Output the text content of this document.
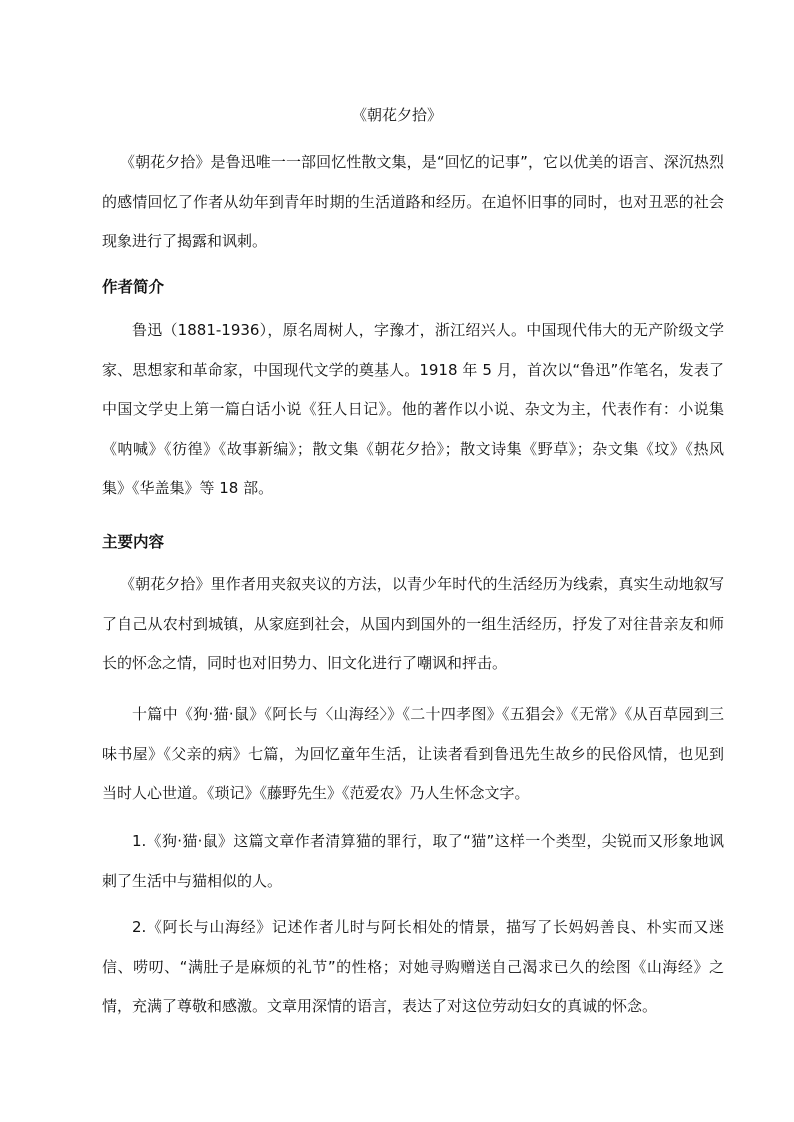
《朝花夕拾》

《朝花夕拾》是鲁迅唯一一部回忆性散文集，是“回忆的记事”，它以优美的语言、深沉热烈的感情回忆了作者从幼年到青年时期的生活道路和经历。在追怀旧事的同时，也对丑恶的社会现象进行了揭露和讽刺。

作者简介

鲁迅（1881-1936），原名周树人，字豫才，浙江绍兴人。中国现代伟大的无产阶级文学家、思想家和革命家，中国现代文学的奠基人。1918 年 5 月，首次以“鲁迅”作笔名，发表了中国文学史上第一篇白话小说《狂人日记》。他的著作以小说、杂文为主，代表作有：小说集《呐喊》《彷徨》《故事新编》；散文集《朝花夕拾》；散文诗集《野草》；杂文集《坟》《热风集》《华盖集》等 18 部。

主要内容

《朝花夕拾》里作者用夹叙夹议的方法，以青少年时代的生活经历为线索，真实生动地叙写了自己从农村到城镇，从家庭到社会，从国内到国外的一组生活经历，抒发了对往昔亲友和师长的怀念之情，同时也对旧势力、旧文化进行了嘲讽和抨击。

十篇中《狗·猫·鼠》《阿长与〈山海经〉》《二十四孝图》《五猖会》《无常》《从百草园到三味书屋》《父亲的病》七篇，为回忆童年生活，让读者看到鲁迅先生故乡的民俗风情，也见到当时人心世道。《琐记》《藤野先生》《范爱农》乃人生怀念文字。

1.《狗·猫·鼠》这篇文章作者清算猫的罪行，取了“猫”这样一个类型，尖锐而又形象地讽刺了生活中与猫相似的人。

2.《阿长与山海经》记述作者儿时与阿长相处的情景，描写了长妈妈善良、朴实而又迷信、唠叨、“满肚子是麻烦的礼节”的性格；对她寻购赠送自己渴求已久的绘图《山海经》之情，充满了尊敬和感激。文章用深情的语言，表达了对这位劳动妇女的真诚的怀念。
